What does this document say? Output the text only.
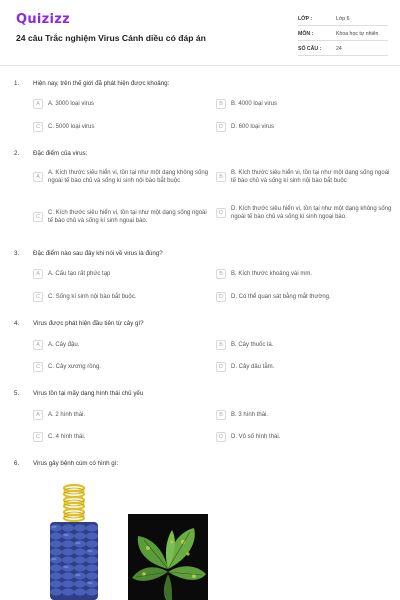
Quizizz
24 câu Trắc nghiệm Virus Cánh diều có đáp án
LỚP :	Lớp 6
MÔN :	Khoa học tự nhiên
SỐ CÂU :	24
1. Hiện nay, trên thế giới đã phát hiện được khoảng:
A	A. 3000 loại virus	B	B. 4000 loại virus
C	C. 5000 loại virus	D	D. 600 loại virus
2. Đặc điểm của virus:
A
A. Kích thước siêu hiển vi, tồn tại như một dạng không sống ngoài tế bào chủ và sống kí sinh nội bào bắt buộc
B
B. Kích thước siêu hiển vi, tồn tại như một dạng sống ngoài tế bào chủ và sống kí sinh nội bào bắt buộc
C
C. Kích thước siêu hiển vi, tồn tại như một dạng sống ngoài tế bào chủ và sống kí sinh ngoại bào.
D
D. Kích thước siêu hiển vi, tồn tại như một dạng không sống ngoài tế bào chủ và sống kí sinh ngoại bào.
3. Đặc điểm nào sau đây khi nói về virus là đúng?
A	A. Cấu tạo rất phức tạp	B	B. Kích thước khoảng vài mm.
C	C. Sống kí sinh nội bào bắt buộc.	D	D. Có thể quan sát bằng mắt thường.
4. Virus được phát hiện đầu tiên từ cây gì?
A	A. Cây đậu.	B	B. Cây thuốc lá.
C	C. Cây xương rồng.	D	D. Cây dâu tằm.
5. Virus tồn tại mấy dạng hình thái chủ yếu
A	A. 2 hình thái.	B	B. 3 hình thái.
C	C. 4 hình thái.	D	D. Vô số hình thái.
6. Virus gây bệnh cúm có hình gì:
